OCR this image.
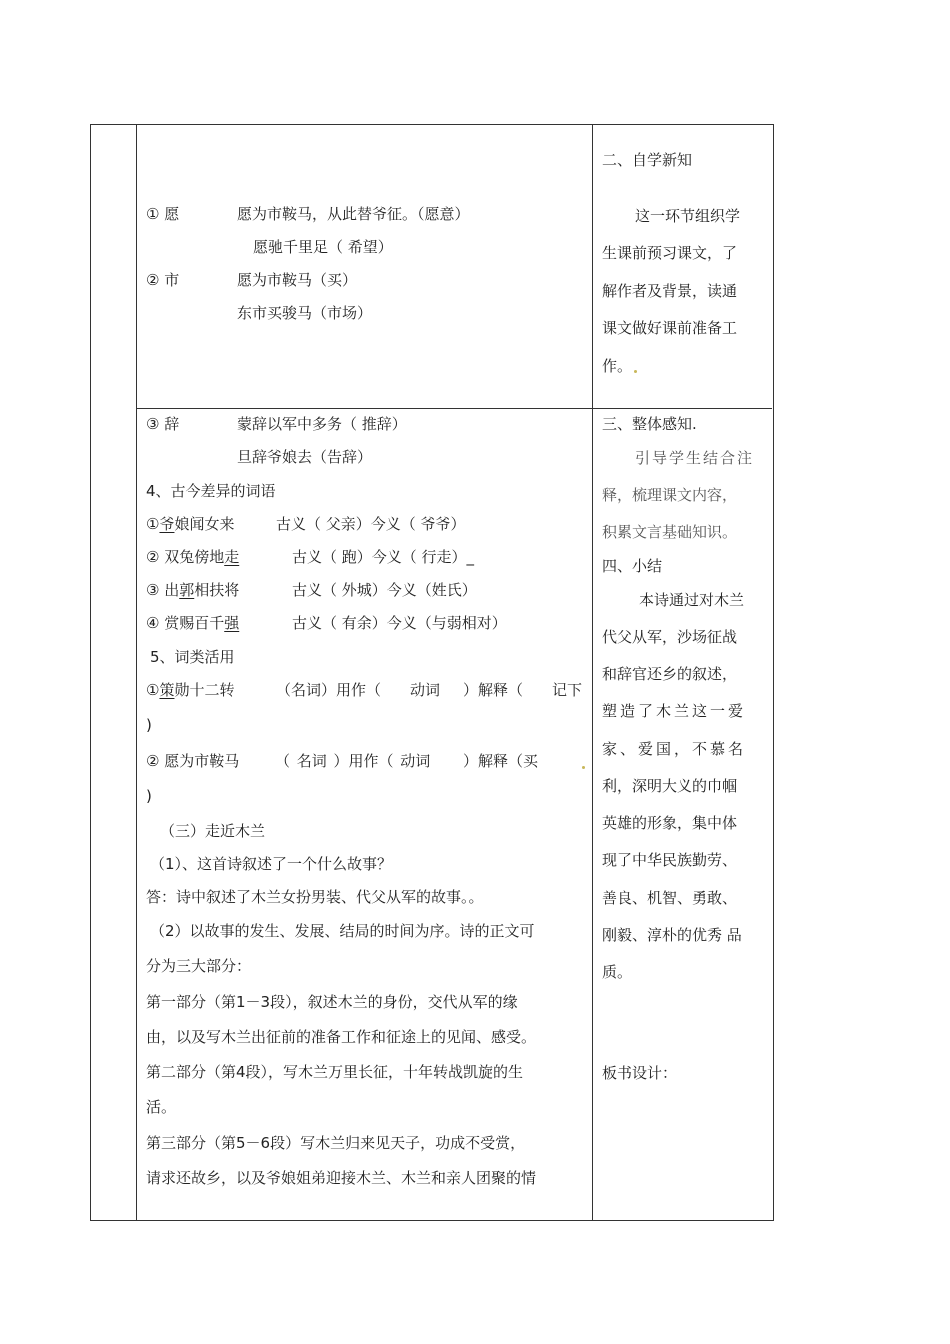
① 愿	愿为市鞍马，从此替爷征。（愿意）
愿驰千里足（ 希望）
② 市	愿为市鞍马（买）
东市买骏马（市场）
③ 辞	蒙辞以军中多务（ 推辞）
旦辞爷娘去（告辞）
4、古今差异的词语
①爷娘闻女来	古义（ 父亲）今义（ 爷爷）
② 双兔傍地走	古义（ 跑）今义（ 行走）_
③ 出郭相扶将	古义（ 外城）今义（姓氏）
④ 赏赐百千强	古义（ 有余）今义（与弱相对）
5、词类活用
①策勋十二转	（名词）用作（ 动词 ）解释（ 记下
)
② 愿为市鞍马 （ 名词 ）用作（ 动词 ）解释（买
)
（三）走近木兰
（1）、这首诗叙述了一个什么故事？
答：诗中叙述了木兰女扮男装、代父从军的故事。。
（2）以故事的发生、发展、结局的时间为序。诗的正文可
分为三大部分：
第一部分（第1－3段），叙述木兰的身份，交代从军的缘
由，以及写木兰出征前的准备工作和征途上的见闻、感受。
第二部分（第4段），写木兰万里长征，十年转战凯旋的生
活。
第三部分（第5－6段）写木兰归来见天子，功成不受赏，
请求还故乡，以及爷娘姐弟迎接木兰、木兰和亲人团聚的情
二、自学新知
这一环节组织学
生课前预习课文，了
解作者及背景，读通
课文做好课前准备工
作。
三、整体感知.
引导学生结合注
释，梳理课文内容，
积累文言基础知识。
四、小结
本诗通过对木兰
代父从军，沙场征战
和辞官还乡的叙述，
塑造了木兰这一爱
家、爱国，不慕名
利，深明大义的巾帼
英雄的形象，集中体
现了中华民族勤劳、
善良、机智、勇敢、
刚毅、淳朴的优秀 品
质。
板书设计：
